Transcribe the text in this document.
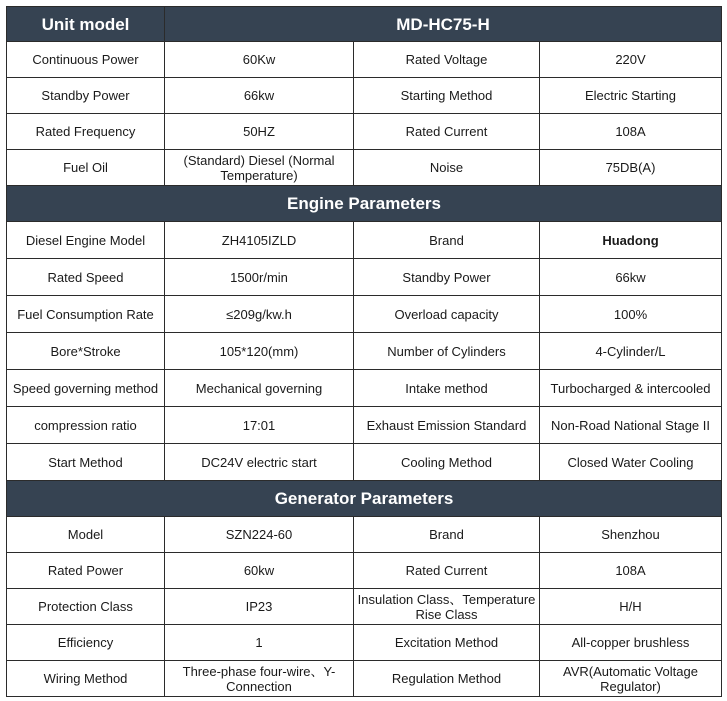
Unit model	MD-HC75-H		
Continuous Power	60Kw	Rated Voltage	220V
Standby Power	66kw	Starting Method	Electric Starting
Rated Frequency	50HZ	Rated Current	108A
Fuel Oil	(Standard) Diesel (Normal Temperature)	Noise	75DB(A)
Engine Parameters			
Diesel Engine Model	ZH4105IZLD	Brand	Huadong
Rated Speed	1500r/min	Standby Power	66kw
Fuel Consumption Rate	≤209g/kw.h	Overload capacity	100%
Bore*Stroke	105*120(mm)	Number of Cylinders	4-Cylinder/L
Speed governing method	Mechanical governing	Intake method	Turbocharged & intercooled
compression ratio	17:01	Exhaust Emission Standard	Non-Road National Stage II
Start Method	DC24V electric start	Cooling Method	Closed Water Cooling
Generator Parameters			
Model	SZN224-60	Brand	Shenzhou
Rated Power	60kw	Rated Current	108A
Protection Class	IP23	Insulation Class、Temperature Rise Class	H/H
Efficiency	1	Excitation Method	All-copper brushless
Wiring Method	Three-phase four-wire、Y-Connection	Regulation Method	AVR(Automatic Voltage Regulator)
